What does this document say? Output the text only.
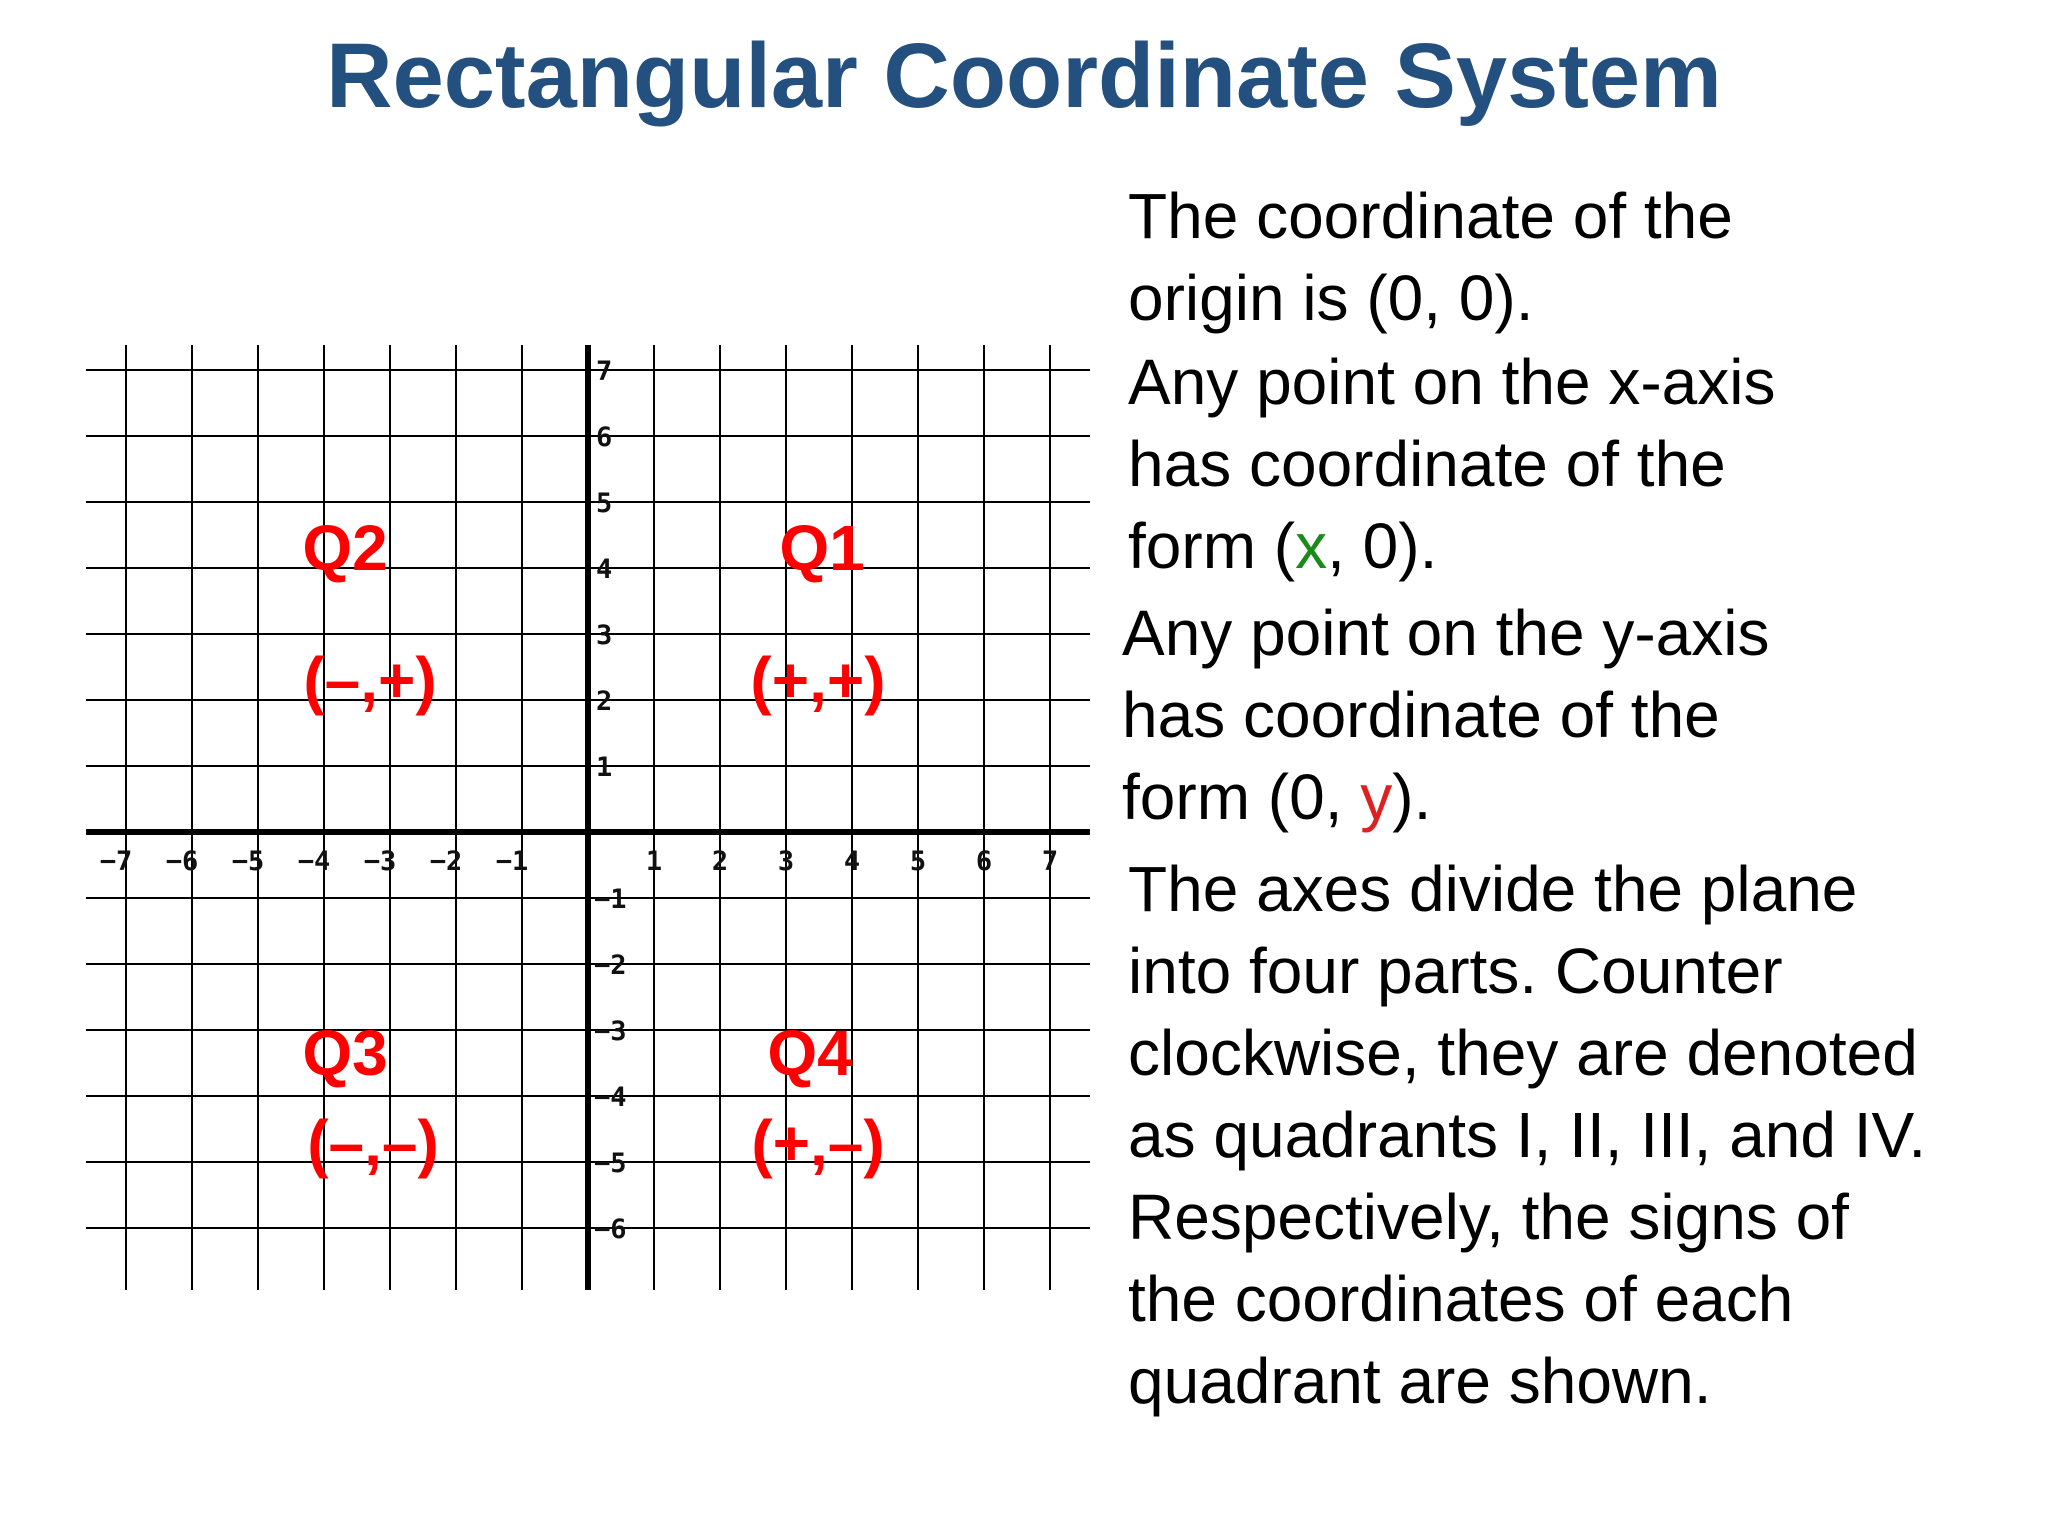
Rectangular Coordinate System
−7 −6 −5 −4 −3 −2 −1	1 2 3 4 5 6 7
1
2
3
4
5
6
7
−1
−2
−3
−4
−5
−6
Q2
(–,+)
Q1
(+,+)
Q3
(–,–)
Q4
(+,–)
The coordinate of the
origin is (0, 0).
Any point on the x-axis
has coordinate of the
form (x, 0).
Any point on the y-axis
has coordinate of the
form (0, y).
The axes divide the plane
into four parts. Counter
clockwise, they are denoted
as quadrants I, II, III, and IV.
Respectively, the signs of
the coordinates of each
quadrant are shown.
